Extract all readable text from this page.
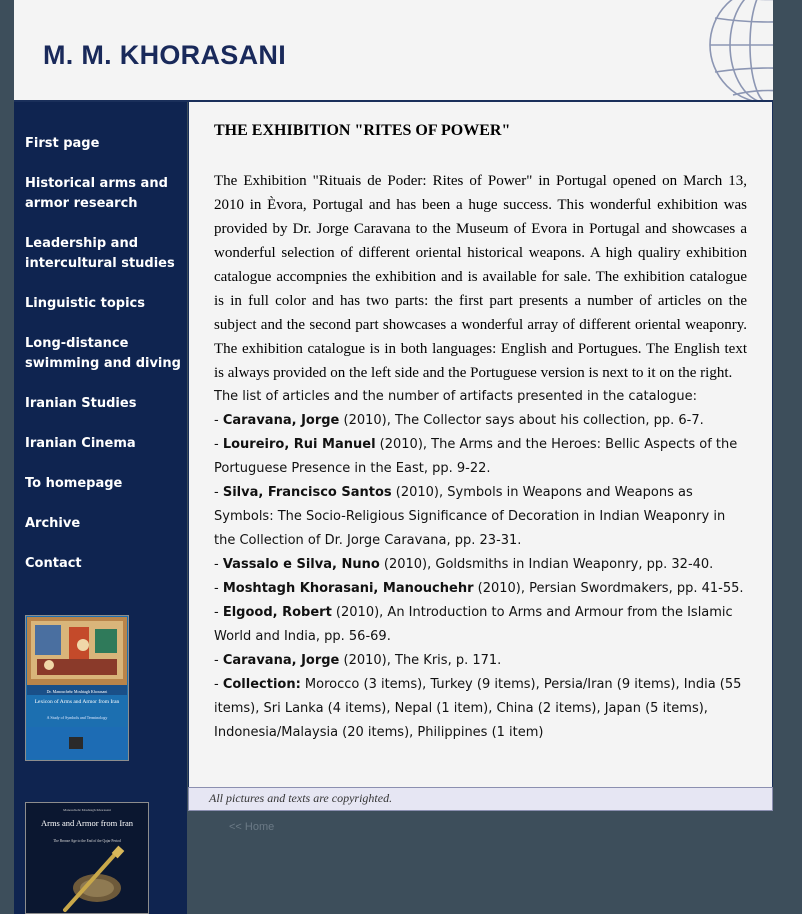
M. M. KHORASANI
First page
Historical arms and armor research
Leadership and intercultural studies
Linguistic topics
Long-distance swimming and diving
Iranian Studies
Iranian Cinema
To homepage
Archive
Contact
Dr. Manouchehr Moshtagh Khorasani
Lexicon of Arms and Armor from Iran
A Study of Symbols and Terminology
Manouchehr Moshtagh Khorasani
Arms and Armor from Iran
The Bronze Age to the End of the Qajar Period
THE EXHIBITION "RITES OF POWER"

The Exhibition "Rituais de Poder: Rites of Power" in Portugal opened on March 13, 2010 in Èvora, Portugal and has been a huge success. This wonderful exhibition was provided by Dr. Jorge Caravana to the Museum of Evora in Portugal and showcases a wonderful selection of different oriental historical weapons. A high qualiry exhibition catalogue accompnies the exhibition and is available for sale. The exhibition catalogue is in full color and has two parts: the first part presents a number of articles on the subject and the second part showcases a wonderful array of different oriental weaponry. The exhibition catalogue is in both languages: English and Portugues. The English text is always provided on the left side and the Portuguese version is next to it on the right.

The list of articles and the number of artifacts presented in the catalogue:
- Caravana, Jorge (2010), The Collector says about his collection, pp. 6-7.
- Loureiro, Rui Manuel (2010), The Arms and the Heroes: Bellic Aspects of the Portuguese Presence in the East, pp. 9-22.
- Silva, Francisco Santos (2010), Symbols in Weapons and Weapons as Symbols: The Socio-Religious Significance of Decoration in Indian Weaponry in the Collection of Dr. Jorge Caravana, pp. 23-31.
- Vassalo e Silva, Nuno (2010), Goldsmiths in Indian Weaponry, pp. 32-40.
- Moshtagh Khorasani, Manouchehr (2010), Persian Swordmakers, pp. 41-55.
- Elgood, Robert (2010), An Introduction to Arms and Armour from the Islamic World and India, pp. 56-69.
- Caravana, Jorge (2010), The Kris, p. 171.
- Collection: Morocco (3 items), Turkey (9 items), Persia/Iran (9 items), India (55 items), Sri Lanka (4 items), Nepal (1 item), China (2 items), Japan (5 items), Indonesia/Malaysia (20 items), Philippines (1 item)
All pictures and texts are copyrighted.
<< Home
